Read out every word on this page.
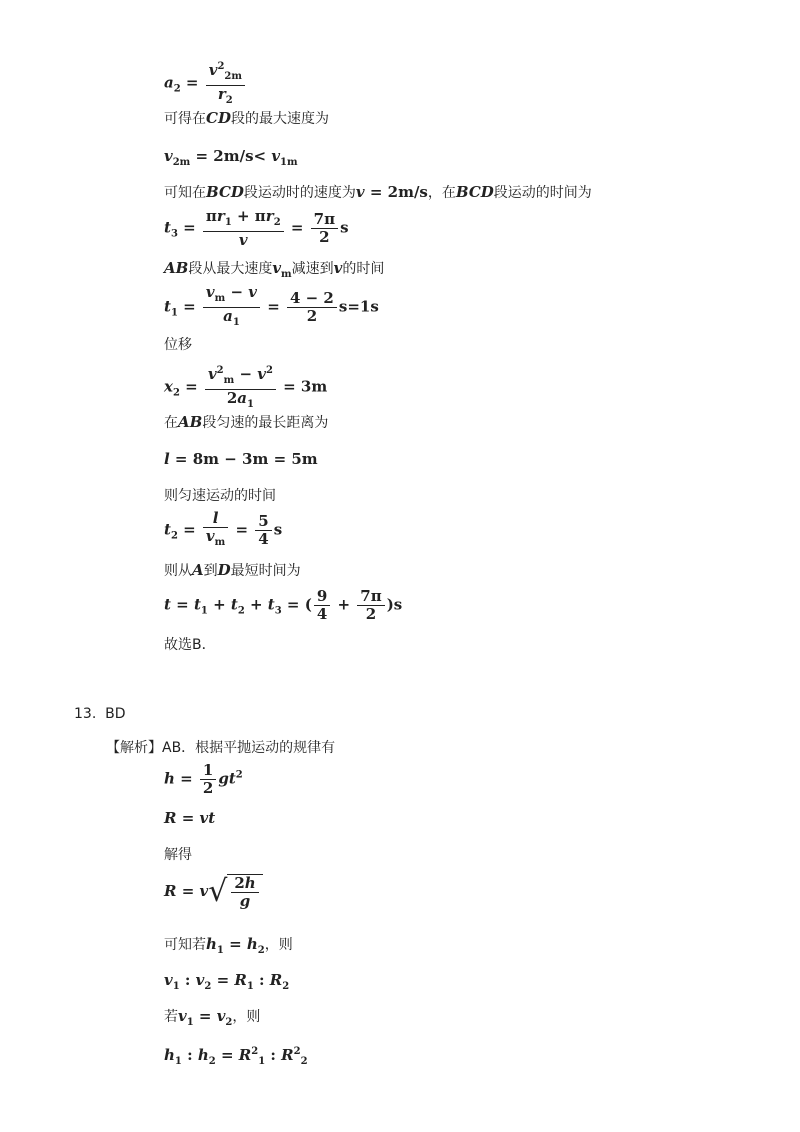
$a_2 = \frac{v^2_{2m}}{r_2}$
可得在CD段的最大速度为
$v_{2m} = 2m/s< v_{1m}$
可知在BCD段运动时的速度为v = 2m/s，在BCD段运动的时间为
$t_3 = \frac{\pi r_1 + \pi r_2}{v} = \frac{7\pi}{2}$ s
AB段从最大速度$v_m$减速到v的时间
$t_1 = \frac{v_m - v}{a_1} = \frac{4 - 2}{2} s=1s$
位移
$x_2 = \frac{v^2_m - v^2}{2a_1} = 3m$
在AB段匀速的最长距离为
l = 8m − 3m = 5m
则匀速运动的时间
$t_2 = \frac{l}{v_m} = \frac{5}{4}$ s
则从A到D最短时间为
$t = t_1 + t_2 + t_3$ = ( $\frac{9}{4} + \frac{7\pi}{2} )s$
故选B．
13. BD
【解析】AB．根据平抛运动的规律有
$h = \frac{1}{2} gt^2$
R = vt
解得
$R = v√ \frac{2h}{g}$
可知若$h_1 = h_2$，则
$v_1$ : $v_2 = R_1$ : $R_2$
若$v_1 = v_2$，则
$h_1$ : $h_2 = R^2_1$ : $R^2_2$
